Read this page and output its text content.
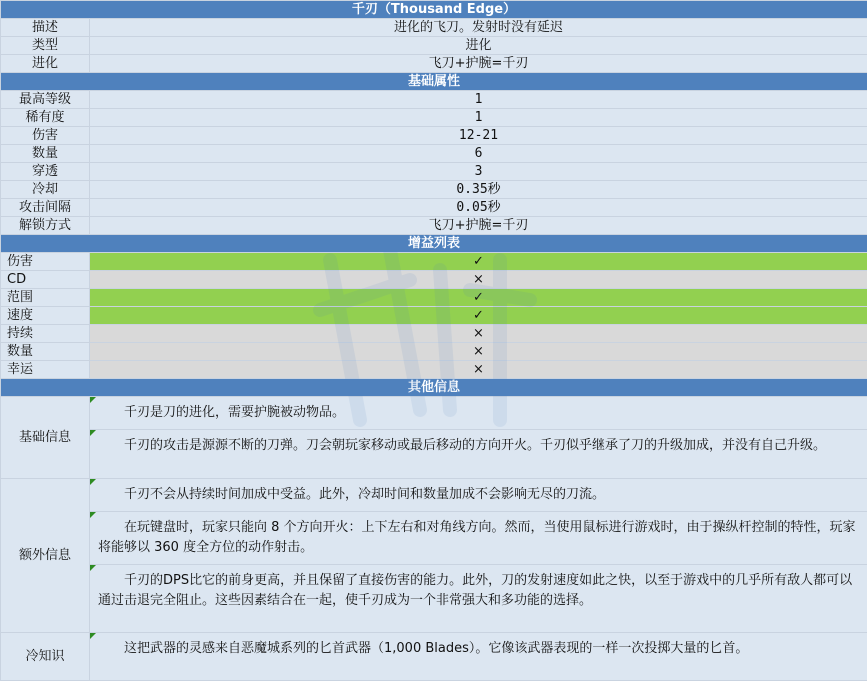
千刃（Thousand Edge）	
描述	进化的飞刀。发射时没有延迟
类型	进化
进化	飞刀+护腕=千刃
基础属性	
最高等级	1
稀有度	1
伤害	12-21
数量	6
穿透	3
冷却	0.35秒
攻击间隔	0.05秒
解锁方式	飞刀+护腕=千刃
增益列表	
伤害	✓
CD	×
范围	✓
速度	✓
持续	×
数量	×
幸运	×
其他信息	
基础信息	千刃是刀的进化，需要护腕被动物品。
千刃的攻击是源源不断的刀弹。刀会朝玩家移动或最后移动的方向开火。千刃似乎继承了刀的升级加成，并没有自己升级。

额外信息	千刃不会从持续时间加成中受益。此外，冷却时间和数量加成不会影响无尽的刀流。
在玩键盘时，玩家只能向 8 个方向开火：上下左右和对角线方向。然而，当使用鼠标进行游戏时，由于操纵杆控制的特性，玩家将能够以 360 度全方位的动作射击。
千刃的DPS比它的前身更高，并且保留了直接伤害的能力。此外，刀的发射速度如此之快，以至于游戏中的几乎所有敌人都可以通过击退完全阻止。这些因素结合在一起，使千刃成为一个非常强大和多功能的选择。

冷知识	这把武器的灵感来自恶魔城系列的匕首武器（1,000 Blades）。它像该武器表现的一样一次投掷大量的匕首。
